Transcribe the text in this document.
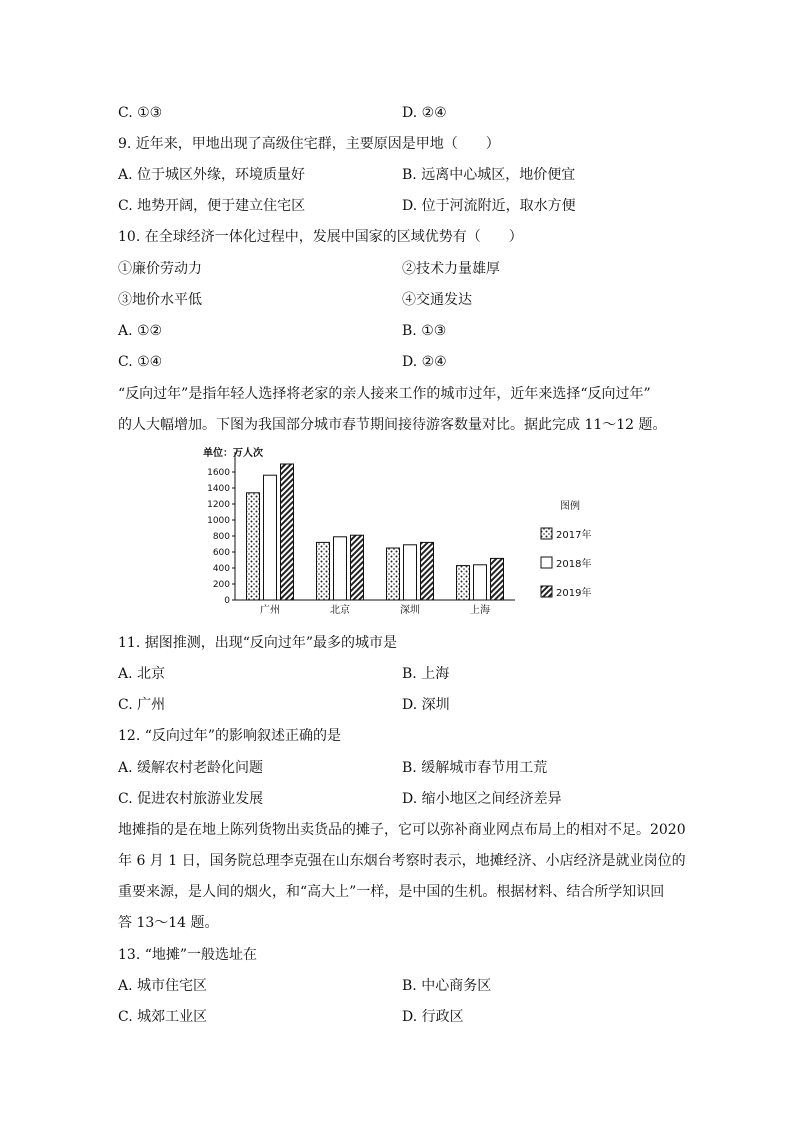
C. ①③	D. ②④
9. 近年来，甲地出现了高级住宅群，主要原因是甲地（　　）
A. 位于城区外缘，环境质量好	B. 远离中心城区，地价便宜
C. 地势开阔，便于建立住宅区	D. 位于河流附近，取水方便
10. 在全球经济一体化过程中，发展中国家的区域优势有（　　）
①廉价劳动力	②技术力量雄厚
③地价水平低	④交通发达
A. ①②	B. ①③
C. ①④	D. ②④
“反向过年”是指年轻人选择将老家的亲人接来工作的城市过年，近年来选择“反向过年”
的人大幅增加。下图为我国部分城市春节期间接待游客数量对比。据此完成 11～12 题。
单位：万人次
0
200
400
600
800
1000
1200
1400
1600
广州	北京	深圳	上海
图例
2017年
2018年
2019年
11. 据图推测，出现“反向过年”最多的城市是
A. 北京	B. 上海
C. 广州	D. 深圳
12. “反向过年”的影响叙述正确的是
A. 缓解农村老龄化问题	B. 缓解城市春节用工荒
C. 促进农村旅游业发展	D. 缩小地区之间经济差异
地摊指的是在地上陈列货物出卖货品的摊子，它可以弥补商业网点布局上的相对不足。2020
年 6 月 1 日，国务院总理李克强在山东烟台考察时表示，地摊经济、小店经济是就业岗位的
重要来源，是人间的烟火，和“高大上”一样，是中国的生机。根据材料、结合所学知识回
答 13～14 题。
13. “地摊”一般选址在
A. 城市住宅区	B. 中心商务区
C. 城郊工业区	D. 行政区
